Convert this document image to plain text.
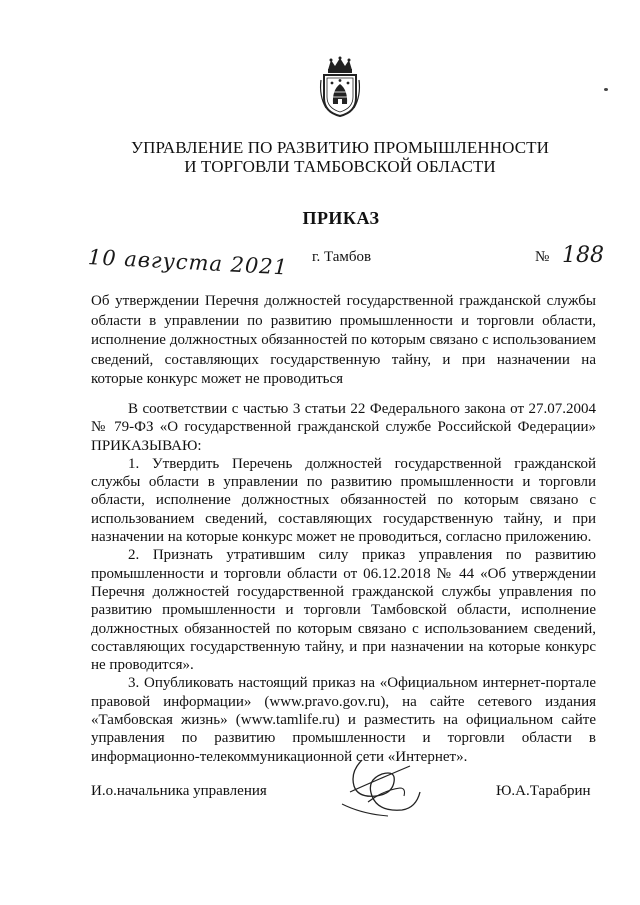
УПРАВЛЕНИЕ ПО РАЗВИТИЮ ПРОМЫШЛЕННОСТИ
И ТОРГОВЛИ ТАМБОВСКОЙ ОБЛАСТИ
ПРИКАЗ
10 августа 2021 г. Тамбов	№ 188
Об утверждении Перечня должностей государственной гражданской службы области в управлении по развитию промышленности и торговли области, исполнение должностных обязанностей по которым связано с использованием сведений, составляющих государственную тайну, и при назначении на которые конкурс может не проводиться

В соответствии с частью 3 статьи 22 Федерального закона от 27.07.2004 № 79-ФЗ «О государственной гражданской службе Российской Федерации» ПРИКАЗЫВАЮ:

1. Утвердить Перечень должностей государственной гражданской службы области в управлении по развитию промышленности и торговли области, исполнение должностных обязанностей по которым связано с использованием сведений, составляющих государственную тайну, и при назначении на которые конкурс может не проводиться, согласно приложению.

2. Признать утратившим силу приказ управления по развитию промышленности и торговли области от 06.12.2018 № 44 «Об утверждении Перечня должностей государственной гражданской службы управления по развитию промышленности и торговли Тамбовской области, исполнение должностных обязанностей по которым связано с использованием сведений, составляющих государственную тайну, и при назначении на которые конкурс не проводится».

3. Опубликовать настоящий приказ на «Официальном интернет-портале правовой информации» (www.pravo.gov.ru), на сайте сетевого издания «Тамбовская жизнь» (www.tamlife.ru) и разместить на официальном сайте управления по развитию промышленности и торговли области в информационно-телекоммуникационной сети «Интернет».

И.о.начальника управления	Ю.А.Тарабрин
